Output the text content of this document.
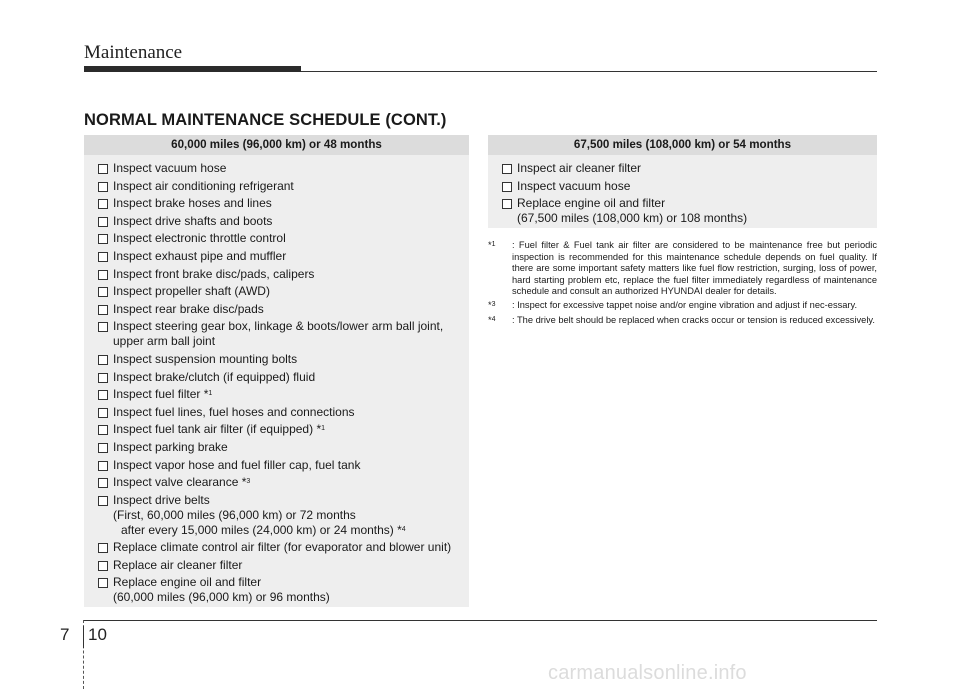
Maintenance
NORMAL MAINTENANCE SCHEDULE (CONT.)
60,000 miles (96,000 km) or 48 months
Inspect vacuum hose
Inspect air conditioning refrigerant
Inspect brake hoses and lines
Inspect drive shafts and boots
Inspect electronic throttle control
Inspect exhaust pipe and muffler
Inspect front brake disc/pads, calipers
Inspect propeller shaft (AWD)
Inspect rear brake disc/pads
Inspect steering gear box, linkage & boots/lower arm ball joint,
upper arm ball joint
Inspect suspension mounting bolts
Inspect brake/clutch (if equipped) fluid
Inspect fuel filter *$^1$
Inspect fuel lines, fuel hoses and connections
Inspect fuel tank air filter (if equipped) *$^1$
Inspect parking brake
Inspect vapor hose and fuel filler cap, fuel tank
Inspect valve clearance *$^3$
Inspect drive belts
(First, 60,000 miles (96,000 km) or 72 months
after every 15,000 miles (24,000 km) or 24 months) *$^4$
Replace climate control air filter (for evaporator and blower unit)
Replace air cleaner filter
Replace engine oil and filter
(60,000 miles (96,000 km) or 96 months)
67,500 miles (108,000 km) or 54 months
Inspect air cleaner filter
Inspect vacuum hose
Replace engine oil and filter
(67,500 miles (108,000 km) or 108 months)
*$^1$	: Fuel filter & Fuel tank air filter are considered to be maintenance free but periodic inspection is recommended for this maintenance schedule depends on fuel quality. If there are some important safety matters like fuel flow restriction, surging, loss of power, hard starting problem etc, replace the fuel filter immediately regardless of maintenance schedule and consult an authorized HYUNDAI dealer for details.
*$^3$	: Inspect for excessive tappet noise and/or engine vibration and adjust if nec-essary.
*$^4$	: The drive belt should be replaced when cracks occur or tension is reduced excessively.
7 10
carmanualsonline.info
